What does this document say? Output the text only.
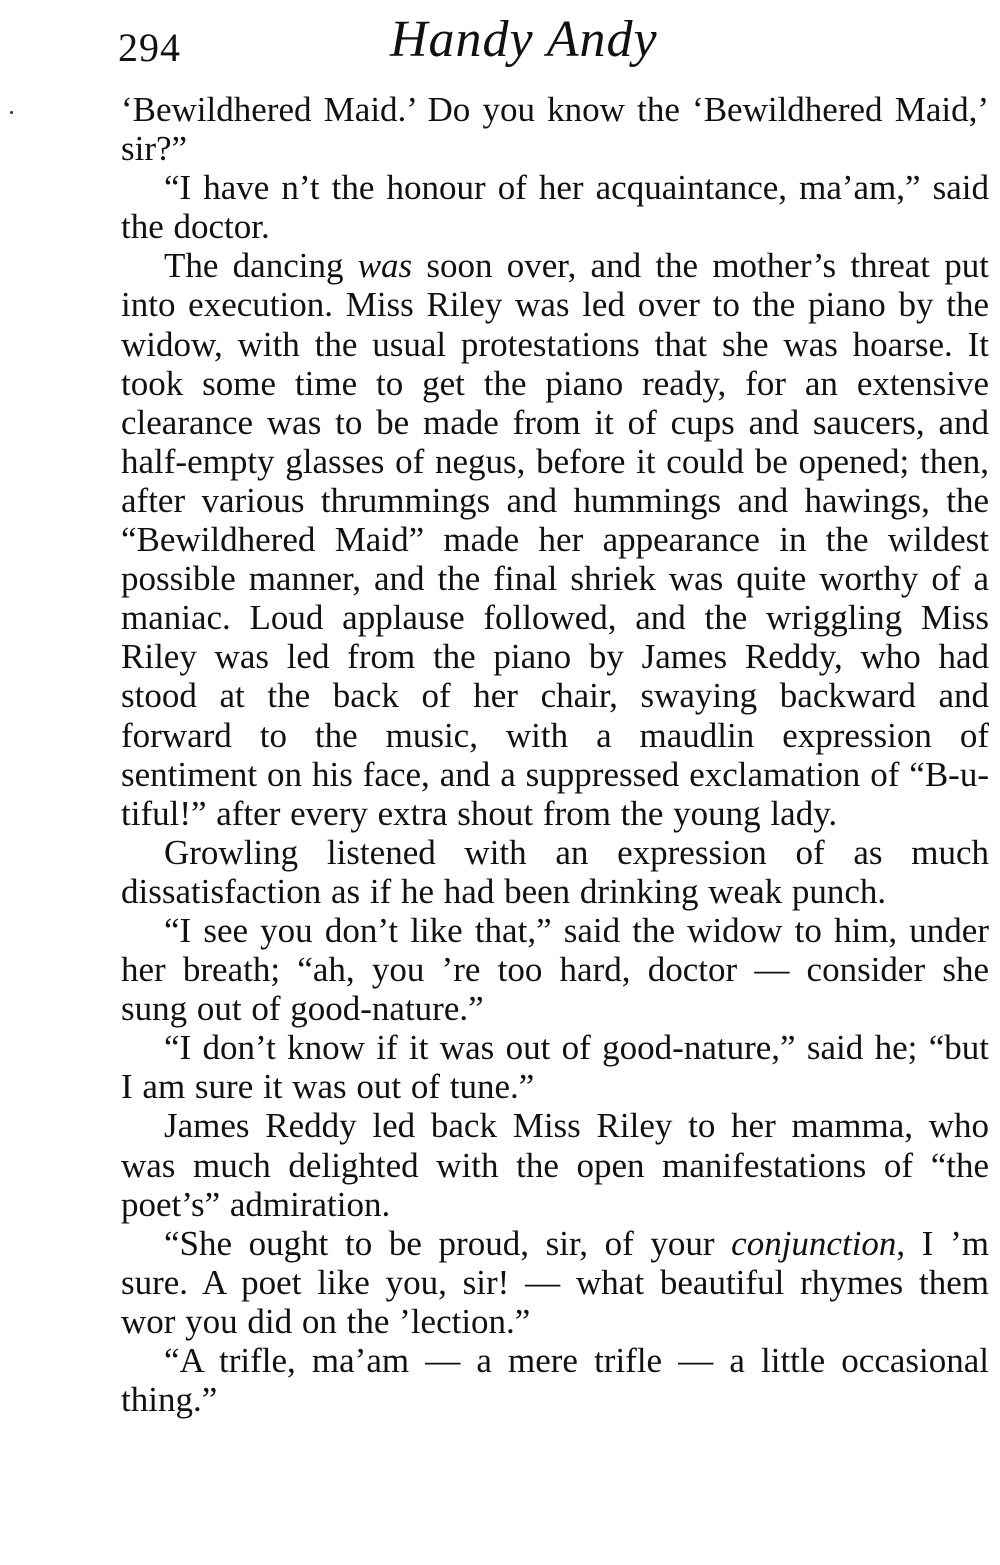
294	Handy Andy

‘Bewildhered Maid.’ Do you know the ‘Bewildhered Maid,’ sir?”

“I have n’t the honour of her acquaintance, ma’am,” said the doctor.

The dancing was soon over, and the mother’s threat put into execution. Miss Riley was led over to the piano by the widow, with the usual protestations that she was hoarse. It took some time to get the piano ready, for an extensive clearance was to be made from it of cups and saucers, and half-empty glasses of negus, before it could be opened; then, after various thrummings and hummings and hawings, the “Bewildhered Maid” made her appearance in the wildest possible manner, and the final shriek was quite worthy of a maniac. Loud applause followed, and the wriggling Miss Riley was led from the piano by James Reddy, who had stood at the back of her chair, swaying backward and forward to the music, with a maudlin expression of sentiment on his face, and a suppressed exclamation of “B-u-tiful!” after every extra shout from the young lady.

Growling listened with an expression of as much dissatisfaction as if he had been drinking weak punch.

“I see you don’t like that,” said the widow to him, under her breath; “ah, you ’re too hard, doctor — consider she sung out of good-nature.”

“I don’t know if it was out of good-nature,” said he; “but I am sure it was out of tune.”

James Reddy led back Miss Riley to her mamma, who was much delighted with the open manifestations of “the poet’s” admiration.

“She ought to be proud, sir, of your conjunction, I ’m sure. A poet like you, sir! — what beautiful rhymes them wor you did on the ’lection.”

“A trifle, ma’am — a mere trifle — a little occasional thing.”
